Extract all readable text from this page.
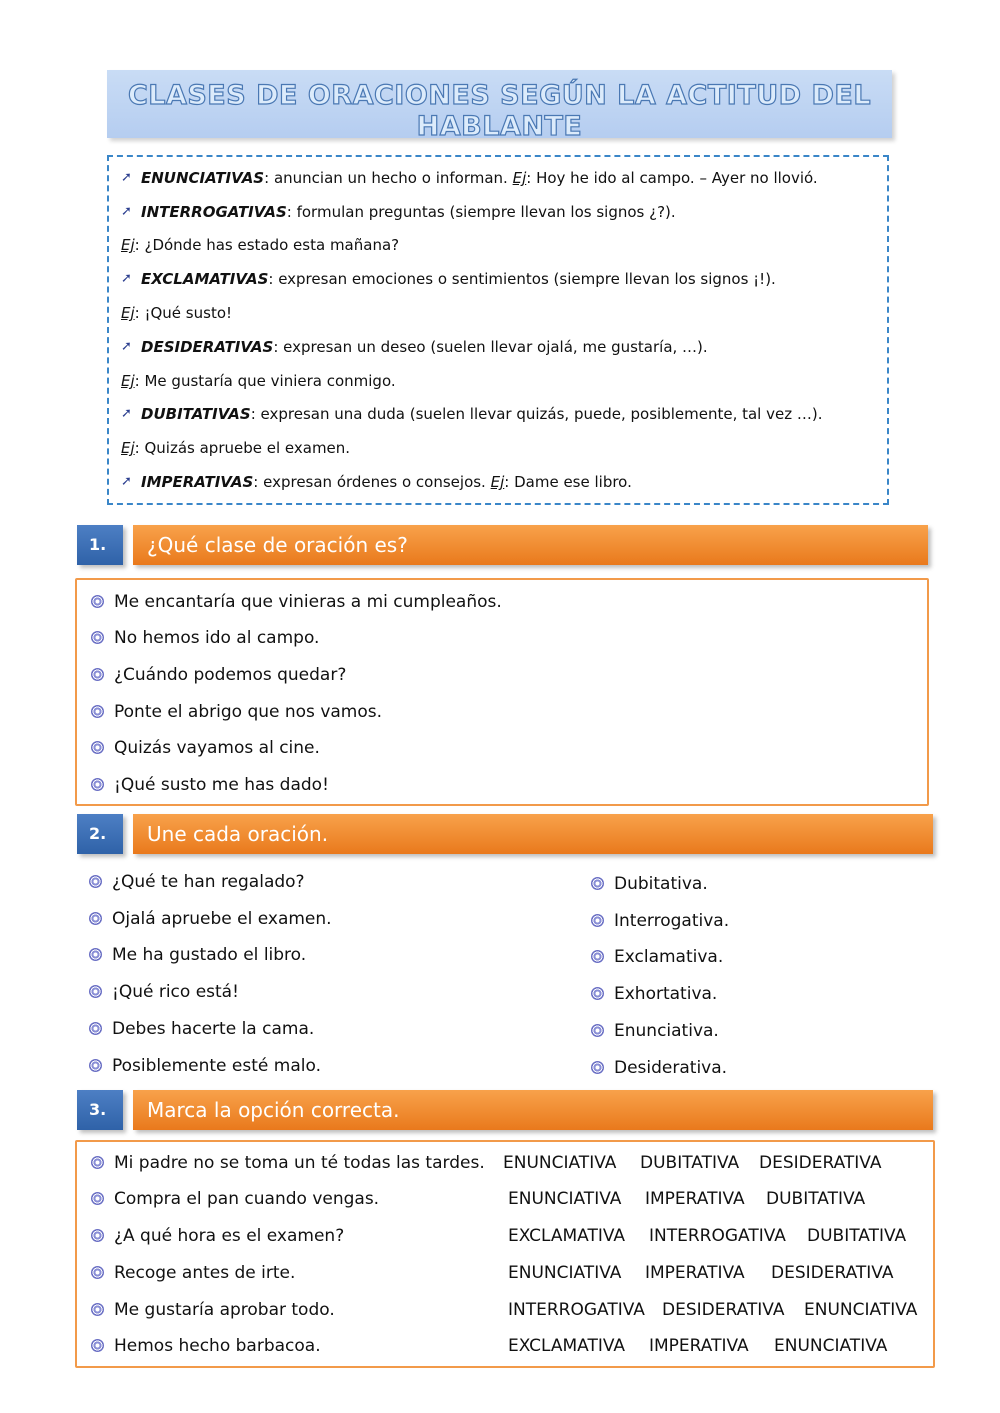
CLASES DE ORACIONES SEGÚN LA ACTITUD DEL HABLANTE
➚ ENUNCIATIVAS: anuncian un hecho o informan. Ej: Hoy he ido al campo. – Ayer no llovió.
➚ INTERROGATIVAS: formulan preguntas (siempre llevan los signos ¿?).
Ej: ¿Dónde has estado esta mañana?
➚ EXCLAMATIVAS: expresan emociones o sentimientos (siempre llevan los signos ¡!).
Ej: ¡Qué susto!
➚ DESIDERATIVAS: expresan un deseo (suelen llevar ojalá, me gustaría, …).
Ej: Me gustaría que viniera conmigo.
➚ DUBITATIVAS: expresan una duda (suelen llevar quizás, puede, posiblemente, tal vez …).
Ej: Quizás apruebe el examen.
➚ IMPERATIVAS: expresan órdenes o consejos. Ej: Dame ese libro.
1.	¿Qué clase de oración es?
Me encantaría que vinieras a mi cumpleaños.
No hemos ido al campo.
¿Cuándo podemos quedar?
Ponte el abrigo que nos vamos.
Quizás vayamos al cine.
¡Qué susto me has dado!
2.	Une cada oración.
¿Qué te han regalado?
Ojalá apruebe el examen.
Me ha gustado el libro.
¡Qué rico está!
Debes hacerte la cama.
Posiblemente esté malo.
Dubitativa.
Interrogativa.
Exclamativa.
Exhortativa.
Enunciativa.
Desiderativa.
3.	Marca la opción correcta.
Mi padre no se toma un té todas las tardes. ENUNCIATIVA DUBITATIVA DESIDERATIVA
Compra el pan cuando vengas.	ENUNCIATIVA IMPERATIVA DUBITATIVA
¿A qué hora es el examen?	EXCLAMATIVA INTERROGATIVA DUBITATIVA
Recoge antes de irte.	ENUNCIATIVA IMPERATIVA DESIDERATIVA
Me gustaría aprobar todo.	INTERROGATIVA DESIDERATIVA ENUNCIATIVA
Hemos hecho barbacoa.	EXCLAMATIVA IMPERATIVA ENUNCIATIVA
